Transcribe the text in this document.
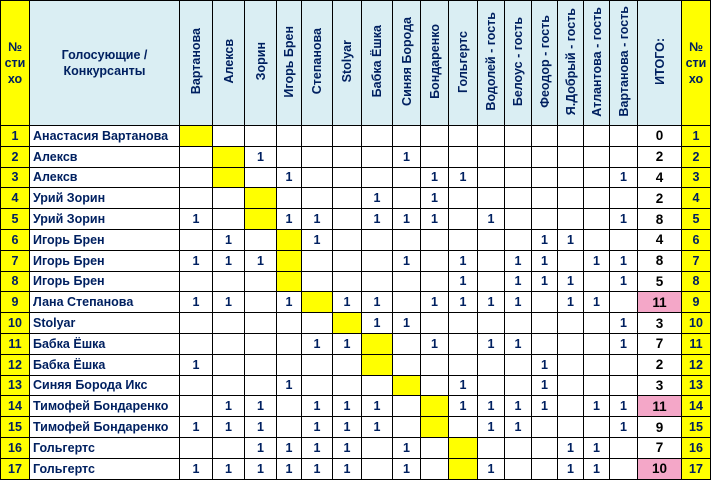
№ сти хо	Голосующие / Конкурсанты	Вартанова	Алексв	Зорин	Игорь Брен	Степанова	Stolyar	Бабка Ёшка	Синяя Борода	Бондаренко	Гольгертс	Водолей - гость	Белоус - гость	Феодор - гость	Я.Добрый - гость	Атлантова - гость	Вартанова - гость	ИТОГО:	№ сти хо
1	Анастасия Вартанова																	0	1
2	Алексв			1					1									2	2
3	Алексв				1					1	1						1	4	3
4	Урий Зорин							1		1								2	4
5	Урий Зорин	1			1	1		1	1	1		1					1	8	5
6	Игорь Брен		1			1								1	1			4	6
7	Игорь Брен	1	1	1					1		1		1	1		1	1	8	7
8	Игорь Брен										1		1	1	1		1	5	8
9	Лана Степанова	1	1		1		1	1		1	1	1	1		1	1		11	9
10	Stolyar							1	1								1	3	10
11	Бабка Ёшка					1	1			1		1	1				1	7	11
12	Бабка Ёшка	1												1				2	12
13	Синяя Борода Икс				1						1			1				3	13
14	Тимофей Бондаренко		1	1		1	1	1			1	1	1	1		1	1	11	14
15	Тимофей Бондаренко	1	1	1		1	1	1				1	1				1	9	15
16	Гольгертс			1	1	1	1		1						1	1		7	16
17	Гольгертс	1	1	1	1	1	1		1			1			1	1		10	17
